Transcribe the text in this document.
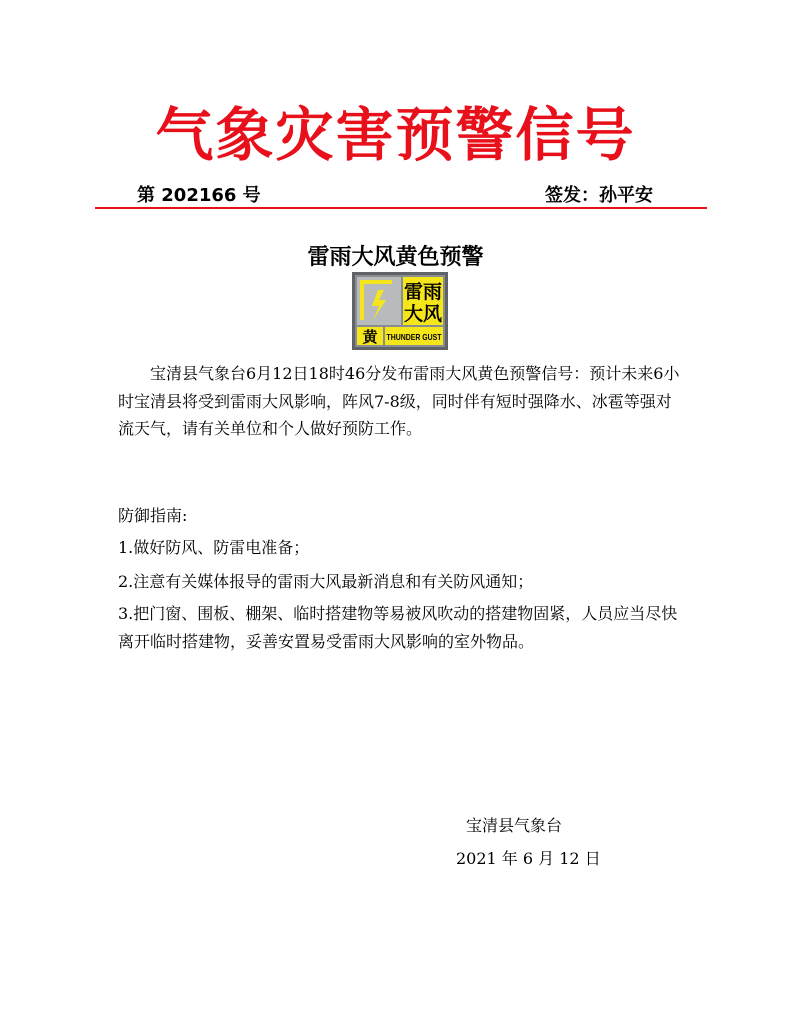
气象灾害预警信号
第 202166 号	签发：孙平安
雷雨大风黄色预警
雷雨
大风
黄 THUNDER GUST
宝清县气象台6月12日18时46分发布雷雨大风黄色预警信号：预计未来6小时宝清县将受到雷雨大风影响，阵风7-8级，同时伴有短时强降水、冰雹等强对流天气，请有关单位和个人做好预防工作。
防御指南:
1.做好防风、防雷电准备；
2.注意有关媒体报导的雷雨大风最新消息和有关防风通知；
3.把门窗、围板、棚架、临时搭建物等易被风吹动的搭建物固紧，人员应当尽快离开临时搭建物，妥善安置易受雷雨大风影响的室外物品。
宝清县气象台
2021 年 6 月 12 日
